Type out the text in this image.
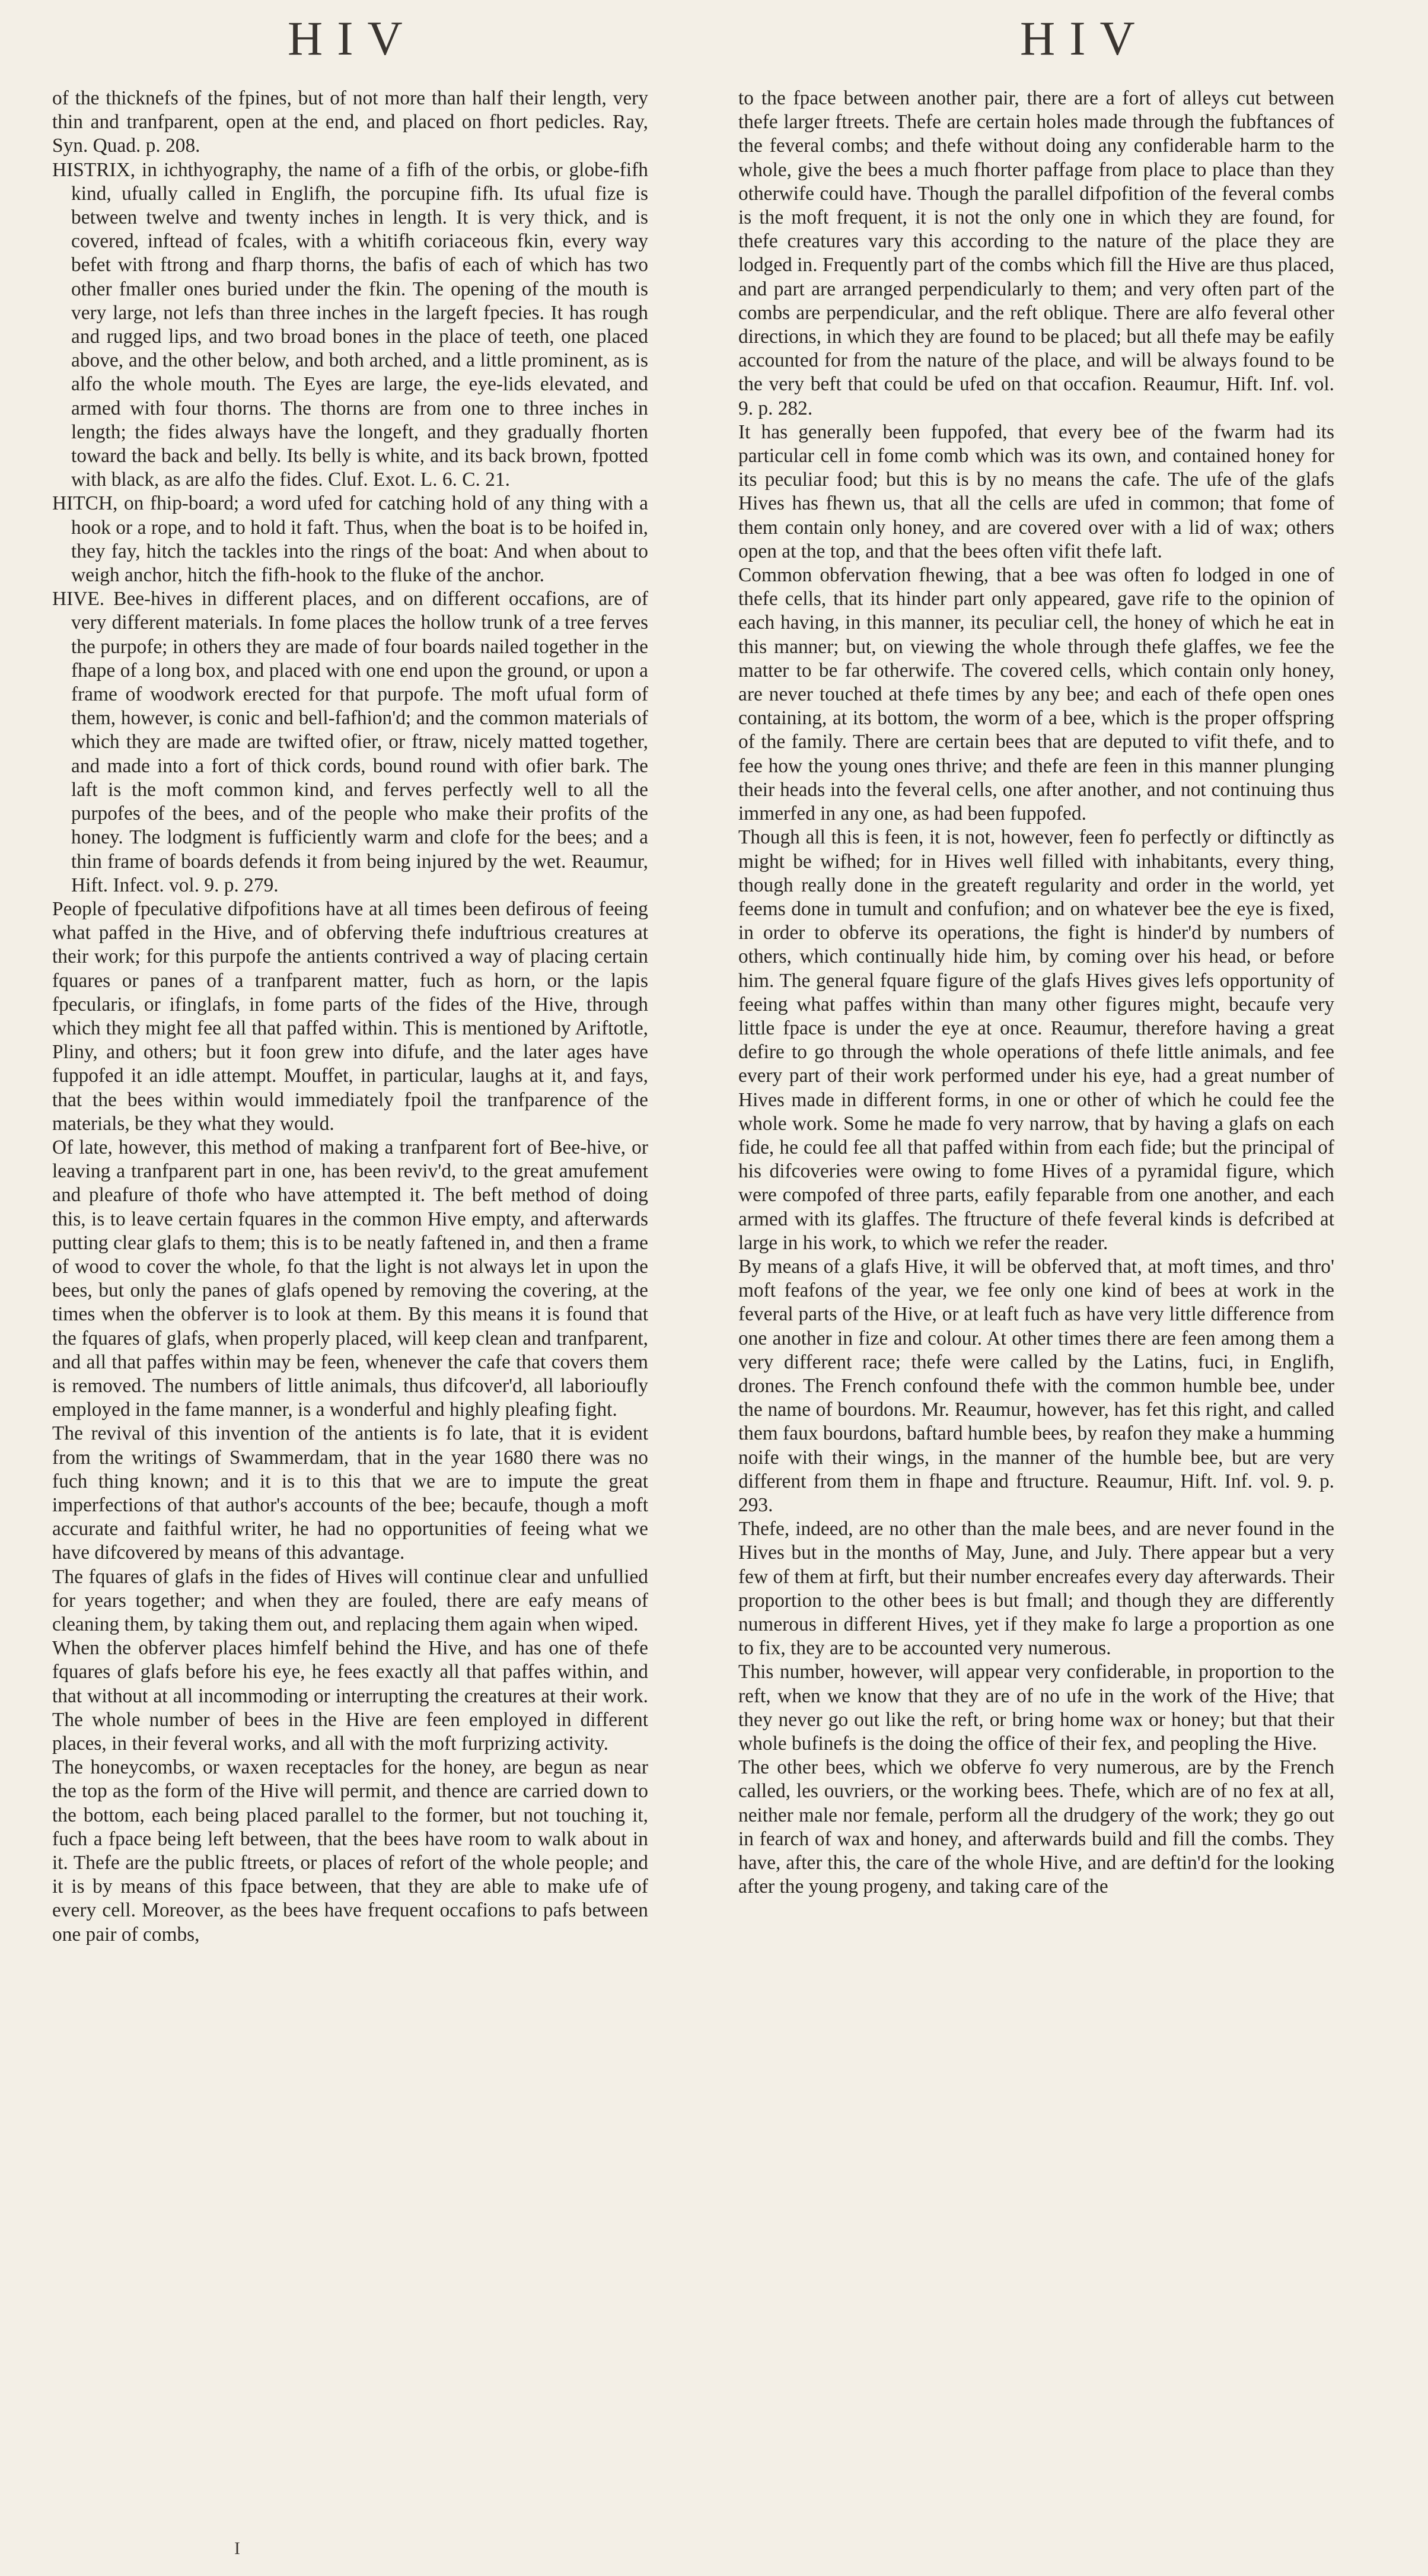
HIV	HIV

of the thicknefs of the fpines, but of not more than half their length, very thin and tranfparent, open at the end, and placed on fhort pedicles. Ray, Syn. Quad. p. 208.

HISTRIX, in ichthyography, the name of a fifh of the orbis, or globe-fifh kind, ufually called in Englifh, the porcupine fifh. Its ufual fize is between twelve and twenty inches in length. It is very thick, and is covered, inftead of fcales, with a whitifh coriaceous fkin, every way befet with ftrong and fharp thorns, the bafis of each of which has two other fmaller ones buried under the fkin. The opening of the mouth is very large, not lefs than three inches in the largeft fpecies. It has rough and rugged lips, and two broad bones in the place of teeth, one placed above, and the other below, and both arched, and a little prominent, as is alfo the whole mouth. The Eyes are large, the eye-lids elevated, and armed with four thorns. The thorns are from one to three inches in length; the fides always have the longeft, and they gradually fhorten toward the back and belly. Its belly is white, and its back brown, fpotted with black, as are alfo the fides. Cluf. Exot. L. 6. C. 21.

HITCH, on fhip-board; a word ufed for catching hold of any thing with a hook or a rope, and to hold it faft. Thus, when the boat is to be hoifed in, they fay, hitch the tackles into the rings of the boat: And when about to weigh anchor, hitch the fifh-hook to the fluke of the anchor.

HIVE. Bee-hives in different places, and on different occafions, are of very different materials. In fome places the hollow trunk of a tree ferves the purpofe; in others they are made of four boards nailed together in the fhape of a long box, and placed with one end upon the ground, or upon a frame of woodwork erected for that purpofe. The moft ufual form of them, however, is conic and bell-fafhion'd; and the common materials of which they are made are twifted ofier, or ftraw, nicely matted together, and made into a fort of thick cords, bound round with ofier bark. The laft is the moft common kind, and ferves perfectly well to all the purpofes of the bees, and of the people who make their profits of the honey. The lodgment is fufficiently warm and clofe for the bees; and a thin frame of boards defends it from being injured by the wet. Reaumur, Hift. Infect. vol. 9. p. 279.

People of fpeculative difpofitions have at all times been defirous of feeing what paffed in the Hive, and of obferving thefe induftrious creatures at their work; for this purpofe the antients contrived a way of placing certain fquares or panes of a tranfparent matter, fuch as horn, or the lapis fpecularis, or ifinglafs, in fome parts of the fides of the Hive, through which they might fee all that paffed within. This is mentioned by Ariftotle, Pliny, and others; but it foon grew into difufe, and the later ages have fuppofed it an idle attempt. Mouffet, in particular, laughs at it, and fays, that the bees within would immediately fpoil the tranfparence of the materials, be they what they would.

Of late, however, this method of making a tranfparent fort of Bee-hive, or leaving a tranfparent part in one, has been reviv'd, to the great amufement and pleafure of thofe who have attempted it. The beft method of doing this, is to leave certain fquares in the common Hive empty, and afterwards putting clear glafs to them; this is to be neatly faftened in, and then a frame of wood to cover the whole, fo that the light is not always let in upon the bees, but only the panes of glafs opened by removing the covering, at the times when the obferver is to look at them. By this means it is found that the fquares of glafs, when properly placed, will keep clean and tranfparent, and all that paffes within may be feen, whenever the cafe that covers them is removed. The numbers of little animals, thus difcover'd, all laborioufly employed in the fame manner, is a wonderful and highly pleafing fight.

The revival of this invention of the antients is fo late, that it is evident from the writings of Swammerdam, that in the year 1680 there was no fuch thing known; and it is to this that we are to impute the great imperfections of that author's accounts of the bee; becaufe, though a moft accurate and faithful writer, he had no opportunities of feeing what we have difcovered by means of this advantage.

The fquares of glafs in the fides of Hives will continue clear and unfullied for years together; and when they are fouled, there are eafy means of cleaning them, by taking them out, and replacing them again when wiped.

When the obferver places himfelf behind the Hive, and has one of thefe fquares of glafs before his eye, he fees exactly all that paffes within, and that without at all incommoding or interrupting the creatures at their work. The whole number of bees in the Hive are feen employed in different places, in their feveral works, and all with the moft furprizing activity.

The honeycombs, or waxen receptacles for the honey, are begun as near the top as the form of the Hive will permit, and thence are carried down to the bottom, each being placed parallel to the former, but not touching it, fuch a fpace being left between, that the bees have room to walk about in it. Thefe are the public ftreets, or places of refort of the whole people; and it is by means of this fpace between, that they are able to make ufe of every cell. Moreover, as the bees have frequent occafions to pafs between one pair of combs,

to the fpace between another pair, there are a fort of alleys cut between thefe larger ftreets. Thefe are certain holes made through the fubftances of the feveral combs; and thefe without doing any confiderable harm to the whole, give the bees a much fhorter paffage from place to place than they otherwife could have. Though the parallel difpofition of the feveral combs is the moft frequent, it is not the only one in which they are found, for thefe creatures vary this according to the nature of the place they are lodged in. Frequently part of the combs which fill the Hive are thus placed, and part are arranged perpendicularly to them; and very often part of the combs are perpendicular, and the reft oblique. There are alfo feveral other directions, in which they are found to be placed; but all thefe may be eafily accounted for from the nature of the place, and will be always found to be the very beft that could be ufed on that occafion. Reaumur, Hift. Inf. vol. 9. p. 282.

It has generally been fuppofed, that every bee of the fwarm had its particular cell in fome comb which was its own, and contained honey for its peculiar food; but this is by no means the cafe. The ufe of the glafs Hives has fhewn us, that all the cells are ufed in common; that fome of them contain only honey, and are covered over with a lid of wax; others open at the top, and that the bees often vifit thefe laft.

Common obfervation fhewing, that a bee was often fo lodged in one of thefe cells, that its hinder part only appeared, gave rife to the opinion of each having, in this manner, its peculiar cell, the honey of which he eat in this manner; but, on viewing the whole through thefe glaffes, we fee the matter to be far otherwife. The covered cells, which contain only honey, are never touched at thefe times by any bee; and each of thefe open ones containing, at its bottom, the worm of a bee, which is the proper offspring of the family. There are certain bees that are deputed to vifit thefe, and to fee how the young ones thrive; and thefe are feen in this manner plunging their heads into the feveral cells, one after another, and not continuing thus immerfed in any one, as had been fuppofed.

Though all this is feen, it is not, however, feen fo perfectly or diftinctly as might be wifhed; for in Hives well filled with inhabitants, every thing, though really done in the greateft regularity and order in the world, yet feems done in tumult and confufion; and on whatever bee the eye is fixed, in order to obferve its operations, the fight is hinder'd by numbers of others, which continually hide him, by coming over his head, or before him. The general fquare figure of the glafs Hives gives lefs opportunity of feeing what paffes within than many other figures might, becaufe very little fpace is under the eye at once. Reaumur, therefore having a great defire to go through the whole operations of thefe little animals, and fee every part of their work performed under his eye, had a great number of Hives made in different forms, in one or other of which he could fee the whole work. Some he made fo very narrow, that by having a glafs on each fide, he could fee all that paffed within from each fide; but the principal of his difcoveries were owing to fome Hives of a pyramidal figure, which were compofed of three parts, eafily feparable from one another, and each armed with its glaffes. The ftructure of thefe feveral kinds is defcribed at large in his work, to which we refer the reader.

By means of a glafs Hive, it will be obferved that, at moft times, and thro' moft feafons of the year, we fee only one kind of bees at work in the feveral parts of the Hive, or at leaft fuch as have very little difference from one another in fize and colour. At other times there are feen among them a very different race; thefe were called by the Latins, fuci, in Englifh, drones. The French confound thefe with the common humble bee, under the name of bourdons. Mr. Reaumur, however, has fet this right, and called them faux bourdons, baftard humble bees, by reafon they make a humming noife with their wings, in the manner of the humble bee, but are very different from them in fhape and ftructure. Reaumur, Hift. Inf. vol. 9. p. 293.

Thefe, indeed, are no other than the male bees, and are never found in the Hives but in the months of May, June, and July. There appear but a very few of them at firft, but their number encreafes every day afterwards. Their proportion to the other bees is but fmall; and though they are differently numerous in different Hives, yet if they make fo large a proportion as one to fix, they are to be accounted very numerous.

This number, however, will appear very confiderable, in proportion to the reft, when we know that they are of no ufe in the work of the Hive; that they never go out like the reft, or bring home wax or honey; but that their whole bufinefs is the doing the office of their fex, and peopling the Hive.

The other bees, which we obferve fo very numerous, are by the French called, les ouvriers, or the working bees. Thefe, which are of no fex at all, neither male nor female, perform all the drudgery of the work; they go out in fearch of wax and honey, and afterwards build and fill the combs. They have, after this, the care of the whole Hive, and are deftin'd for the looking after the young progeny, and taking care of the

I
